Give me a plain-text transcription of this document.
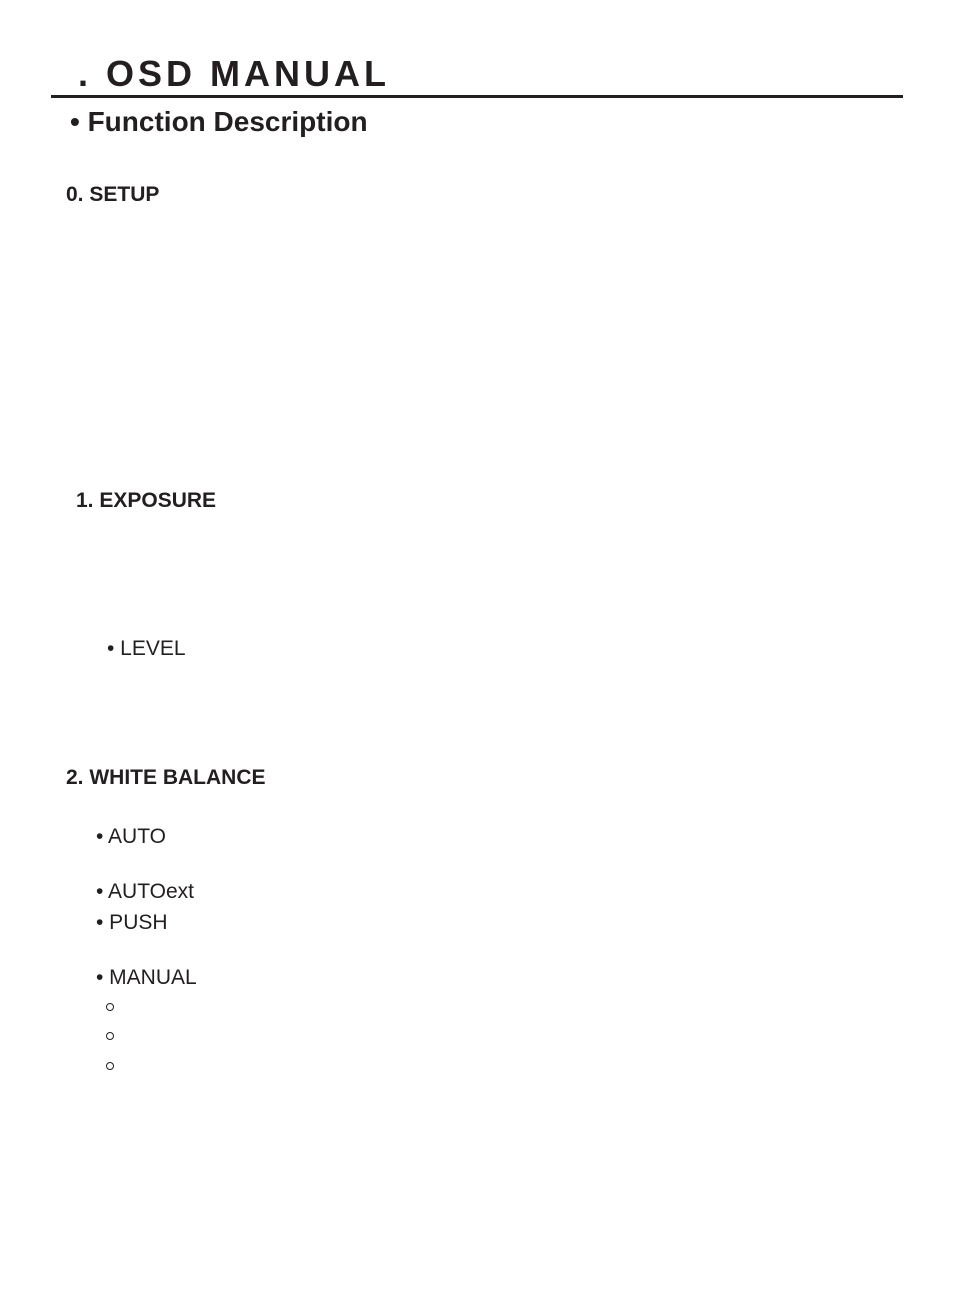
. OSD MANUAL
• Function Description
0. SETUP
1. EXPOSURE
• LEVEL
2. WHITE BALANCE
• AUTO
• AUTOext
• PUSH
• MANUAL
